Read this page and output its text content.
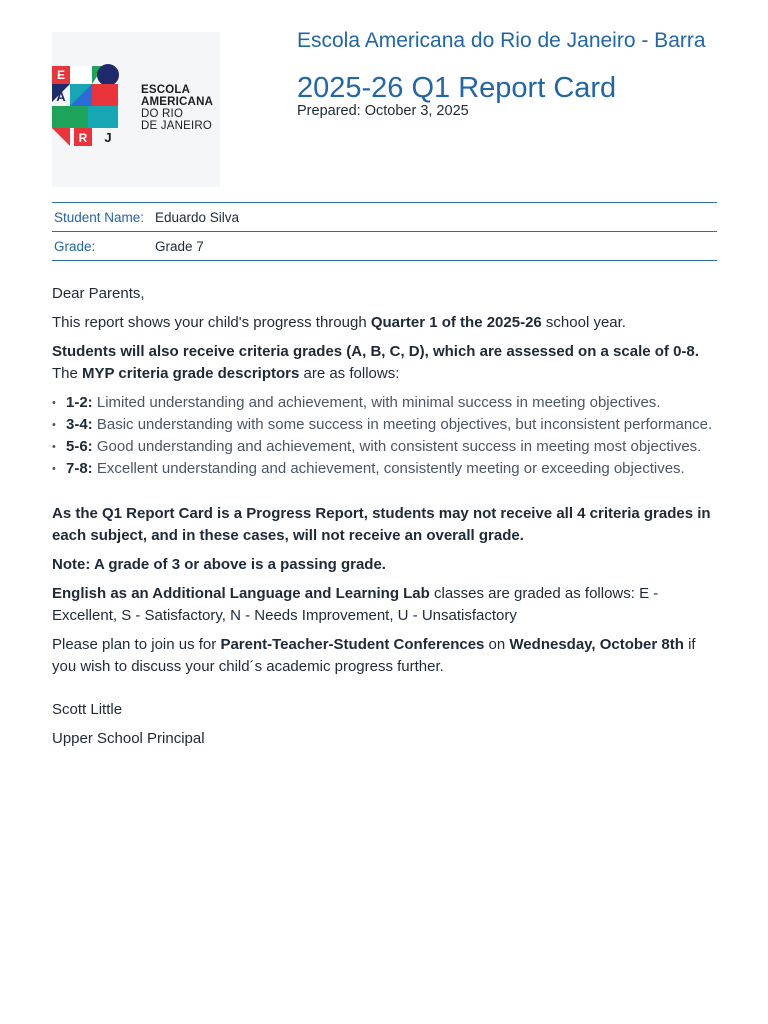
E
A
R J
ESCOLA
AMERICANA
DO RIO
DE JANEIRO
Escola Americana do Rio de Janeiro - Barra
2025-26 Q1 Report Card
Prepared: October 3, 2025
Student Name: Eduardo Silva
Grade:	Grade 7

Dear Parents,

This report shows your child's progress through Quarter 1 of the 2025-26 school year.

Students will also receive criteria grades (A, B, C, D), which are assessed on a scale of 0-8. The MYP criteria grade descriptors are as follows:

• 1-2: Limited understanding and achievement, with minimal success in meeting objectives.
• 3-4: Basic understanding with some success in meeting objectives, but inconsistent performance.
• 5-6: Good understanding and achievement, with consistent success in meeting most objectives.
• 7-8: Excellent understanding and achievement, consistently meeting or exceeding objectives.

As the Q1 Report Card is a Progress Report, students may not receive all 4 criteria grades in each subject, and in these cases, will not receive an overall grade.

Note: A grade of 3 or above is a passing grade.

English as an Additional Language and Learning Lab classes are graded as follows: E - Excellent, S - Satisfactory, N - Needs Improvement, U - Unsatisfactory

Please plan to join us for Parent-Teacher-Student Conferences on Wednesday, October 8th if you wish to discuss your child´s academic progress further.

Scott Little

Upper School Principal
